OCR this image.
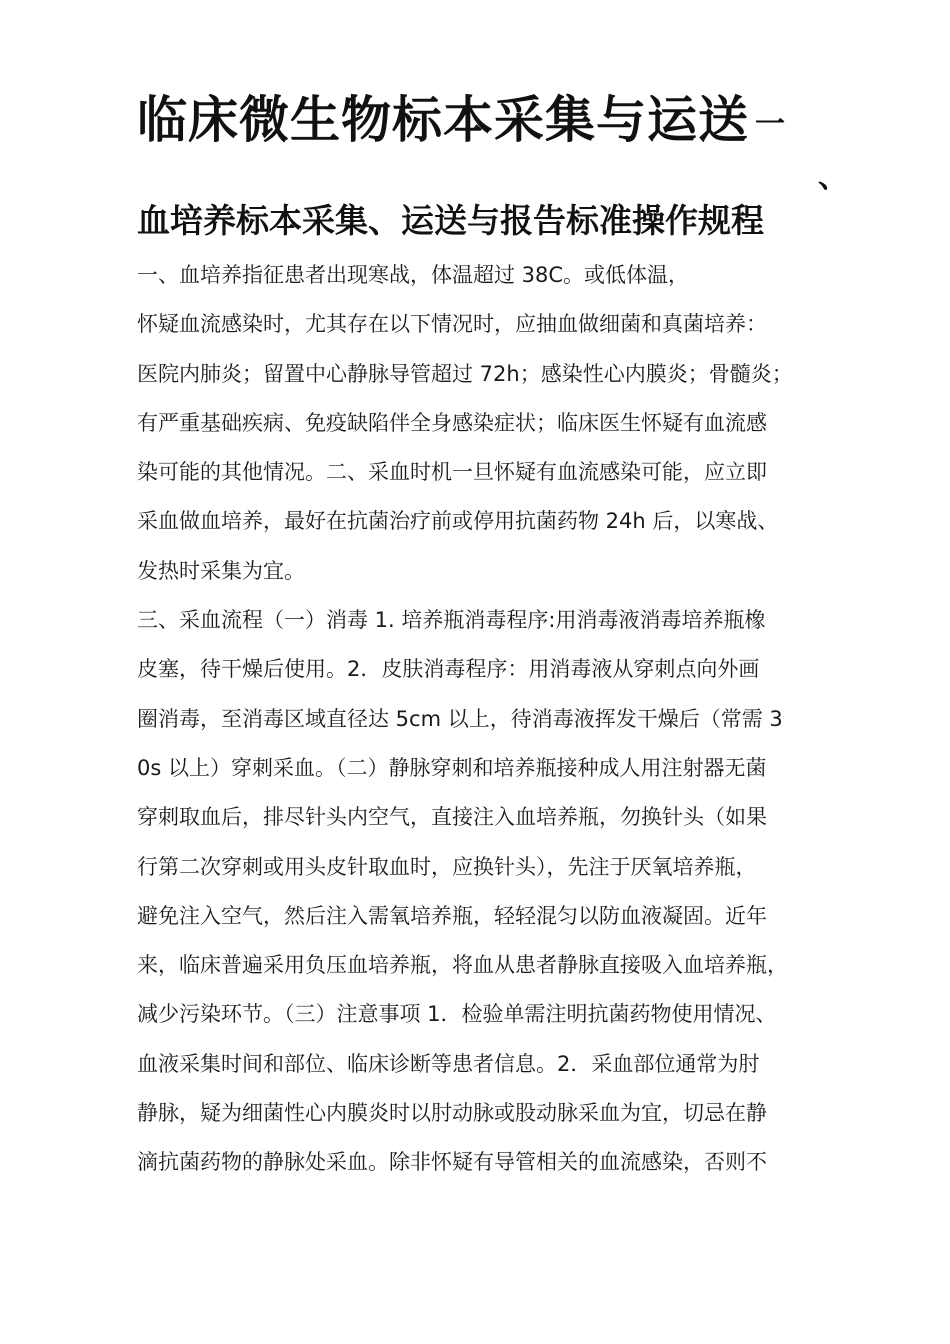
临床微生物标本采集与运送 一
、
血培养标本采集、运送与报告标准操作规程
一、血培养指征患者出现寒战，体温超过 38C。或低体温，
怀疑血流感染时，尤其存在以下情况时，应抽血做细菌和真菌培养：
医院内肺炎；留置中心静脉导管超过 72h；感染性心内膜炎；骨髓炎；
有严重基础疾病、免疫缺陷伴全身感染症状；临床医生怀疑有血流感
染可能的其他情况。二、采血时机一旦怀疑有血流感染可能，应立即
采血做血培养，最好在抗菌治疗前或停用抗菌药物 24h 后，以寒战、
发热时采集为宜。
三、采血流程（一）消毒 1. 培养瓶消毒程序:用消毒液消毒培养瓶橡
皮塞，待干燥后使用。2．皮肤消毒程序：用消毒液从穿刺点向外画
圈消毒，至消毒区域直径达 5cm 以上，待消毒液挥发干燥后（常需 3
0s 以上）穿刺采血。（二）静脉穿刺和培养瓶接种成人用注射器无菌
穿刺取血后，排尽针头内空气，直接注入血培养瓶，勿换针头（如果
行第二次穿刺或用头皮针取血时，应换针头），先注于厌氧培养瓶，
避免注入空气，然后注入需氧培养瓶，轻轻混匀以防血液凝固。近年
来，临床普遍采用负压血培养瓶，将血从患者静脉直接吸入血培养瓶，
减少污染环节。（三）注意事项 1．检验单需注明抗菌药物使用情况、
血液采集时间和部位、临床诊断等患者信息。2．采血部位通常为肘
静脉，疑为细菌性心内膜炎时以肘动脉或股动脉采血为宜，切忌在静
滴抗菌药物的静脉处采血。除非怀疑有导管相关的血流感染，否则不
